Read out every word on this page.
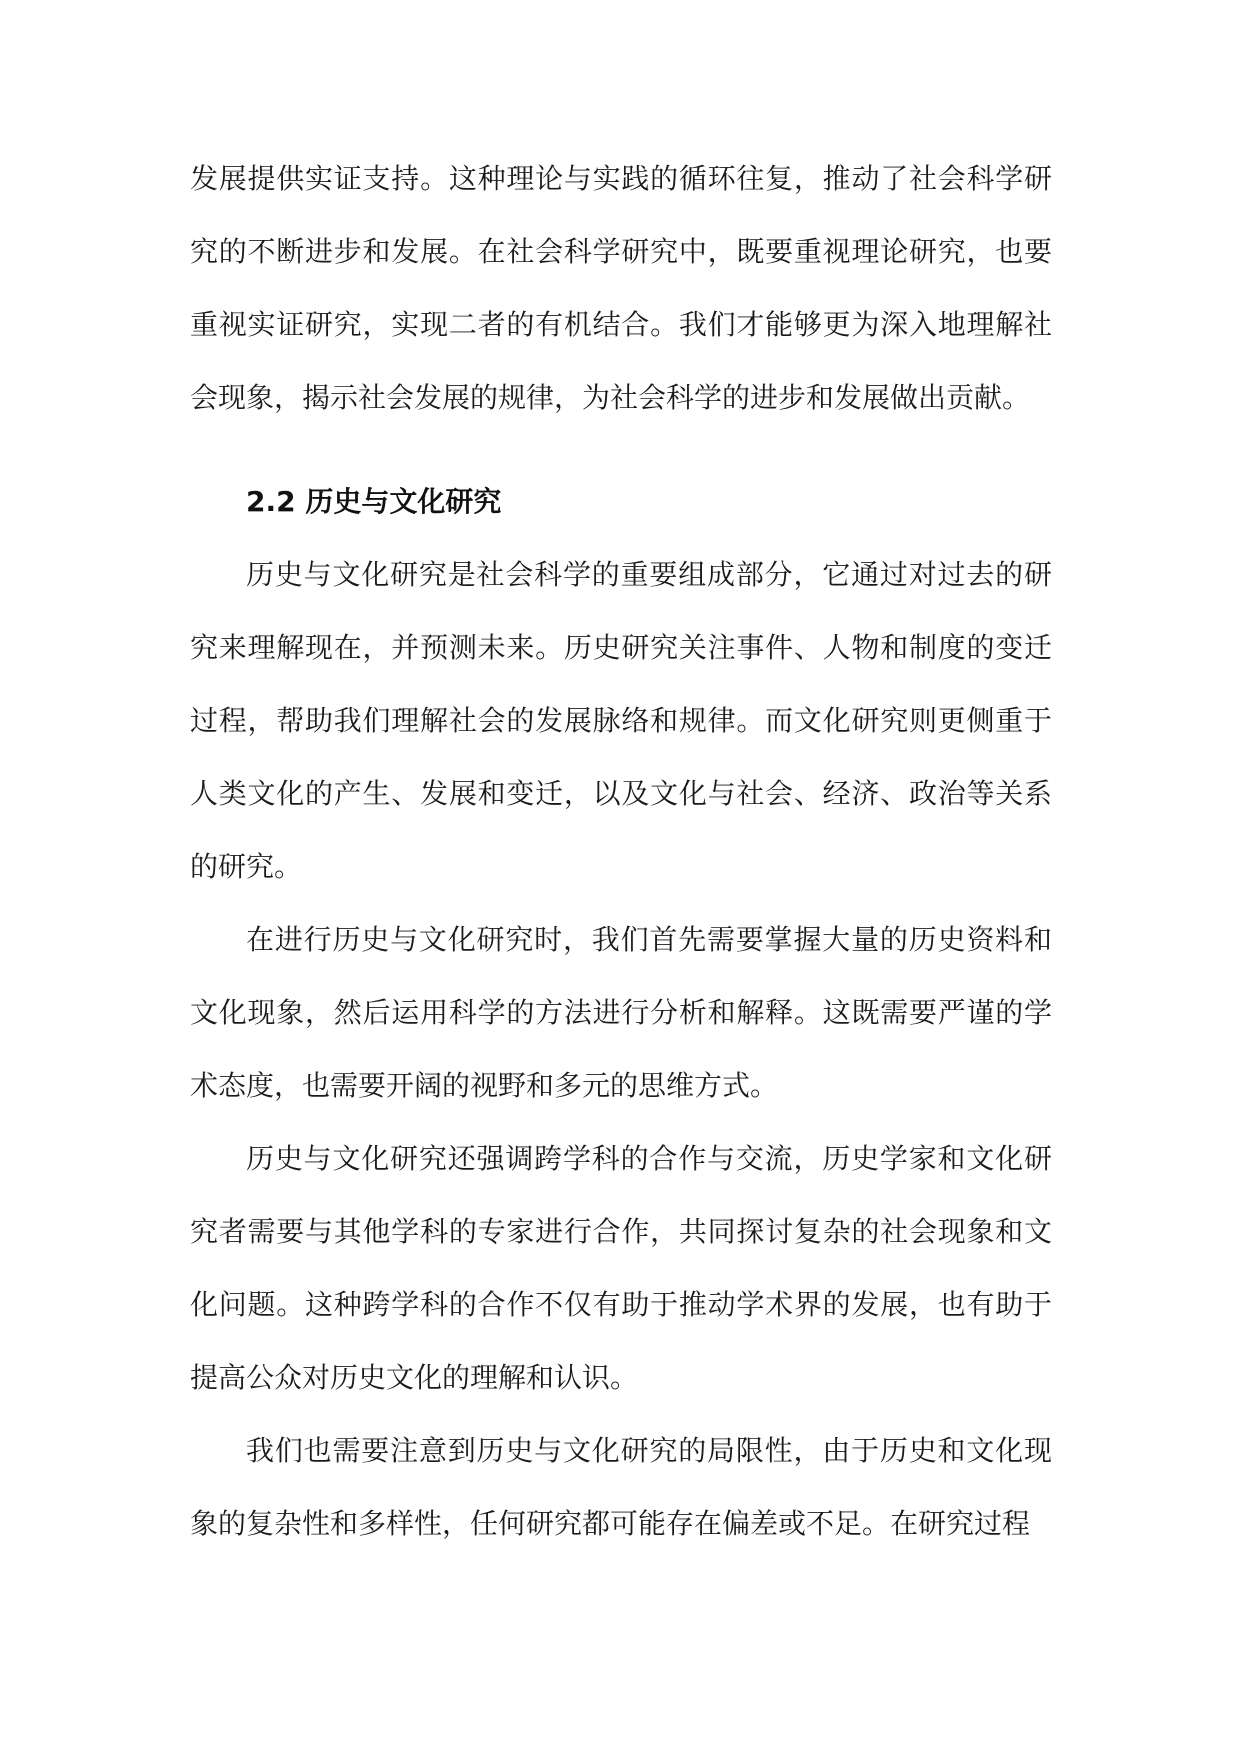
发展提供实证支持。这种理论与实践的循环往复，推动了社会科学研究的不断进步和发展。在社会科学研究中，既要重视理论研究，也要重视实证研究，实现二者的有机结合。我们才能够更为深入地理解社会现象，揭示社会发展的规律，为社会科学的进步和发展做出贡献。

2.2 历史与文化研究

历史与文化研究是社会科学的重要组成部分，它通过对过去的研究来理解现在，并预测未来。历史研究关注事件、人物和制度的变迁过程，帮助我们理解社会的发展脉络和规律。而文化研究则更侧重于人类文化的产生、发展和变迁，以及文化与社会、经济、政治等关系的研究。

在进行历史与文化研究时，我们首先需要掌握大量的历史资料和文化现象，然后运用科学的方法进行分析和解释。这既需要严谨的学术态度，也需要开阔的视野和多元的思维方式。

历史与文化研究还强调跨学科的合作与交流，历史学家和文化研究者需要与其他学科的专家进行合作，共同探讨复杂的社会现象和文化问题。这种跨学科的合作不仅有助于推动学术界的发展，也有助于提高公众对历史文化的理解和认识。

我们也需要注意到历史与文化研究的局限性，由于历史和文化现象的复杂性和多样性，任何研究都可能存在偏差或不足。在研究过程
